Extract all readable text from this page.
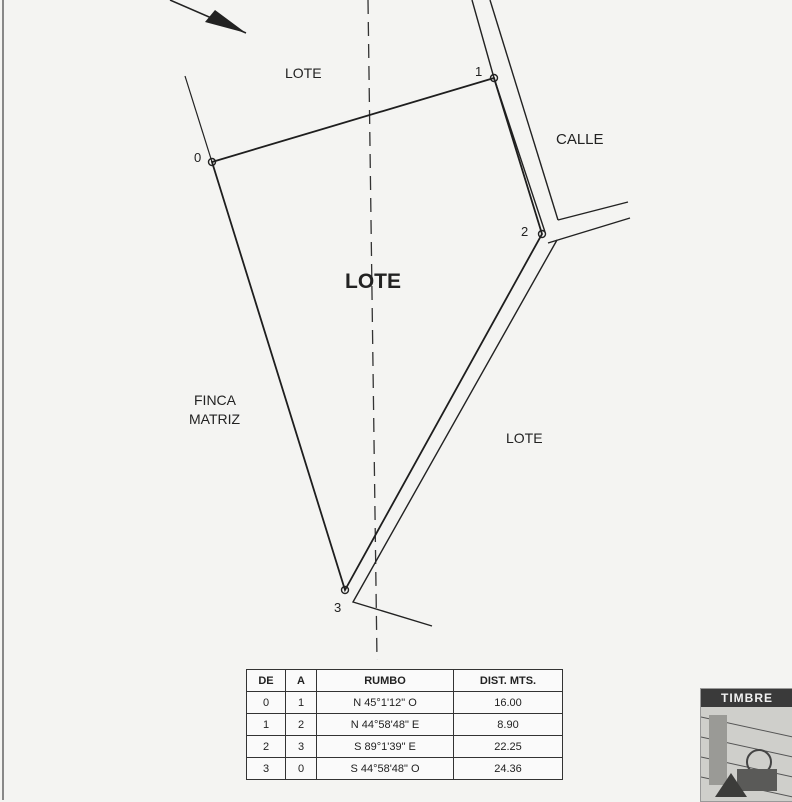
0
1
2
3
LOTE
CALLE
LOTE
FINCA
MATRIZ
LOTE
DE	A	RUMBO	DIST. MTS.
0	1	N 45°1'12" O	16.00
1	2	N 44°58'48" E	8.90
2	3	S 89°1'39" E	22.25
3	0	S 44°58'48" O	24.36
TIMBRE
